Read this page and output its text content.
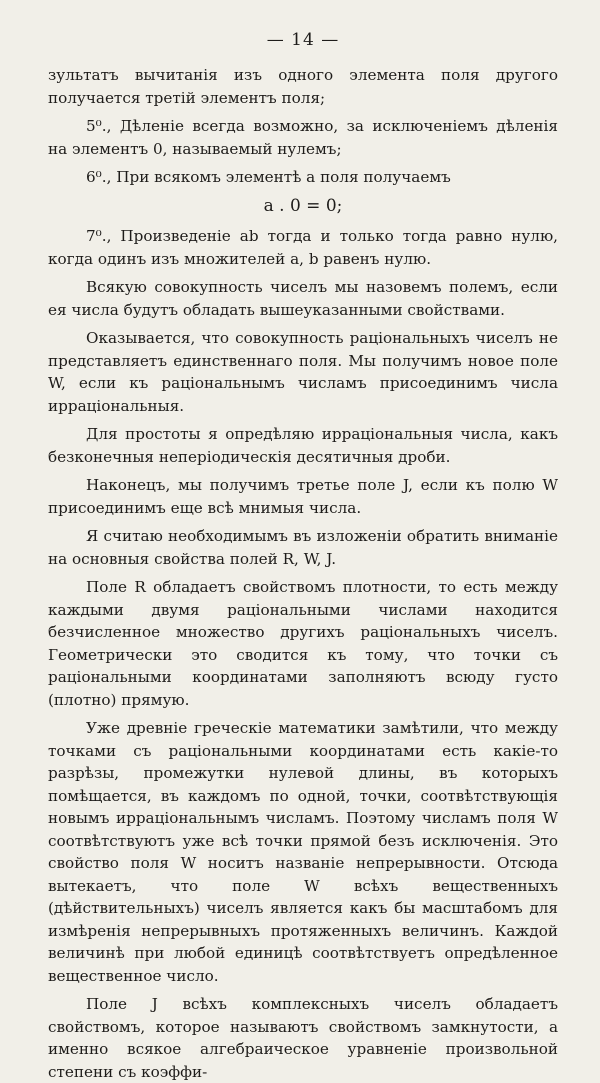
— 14 —

зультатъ вычитанія изъ одного элемента поля другого получается третій элементъ поля;

5⁰., Дѣленіе всегда возможно, за исключеніемъ дѣленія на элементъ 0, называемый нулемъ;

6⁰., При всякомъ элементѣ a поля получаемъ

a . 0 = 0;

7⁰., Произведеніе ab тогда и только тогда равно нулю, когда одинъ изъ множителей a, b равенъ нулю.

Всякую совокупность чиселъ мы назовемъ полемъ, если ея числа будутъ обладать вышеуказанными свойствами.

Оказывается, что совокупность раціональныхъ чиселъ не представляетъ единственнаго поля. Мы получимъ новое поле W, если къ раціональнымъ числамъ присоединимъ числа ирраціональныя.

Для простоты я опредѣляю ирраціональныя числа, какъ безконечныя непеpioдическія десятичныя дроби.

Наконецъ, мы получимъ третье поле J, если къ полю W присоединимъ еще всѣ мнимыя числа.

Я считаю необходимымъ въ изложеніи обратить вниманіе на основныя свойства полей R, W, J.

Поле R обладаетъ свойствомъ плотности, то есть между каждыми двумя раціональными числами находится безчисленное множество другихъ раціональныхъ чиселъ. Геометрически это сводится къ тому, что точки съ раціональными координатами заполняютъ всюду густо (плотно) прямую.

Уже древніе греческіе математики замѣтили, что между точками съ раціональными координатами есть какіе-то разрѣзы, промежутки нулевой длины, въ которыхъ помѣщается, въ каждомъ по одной, точки, соотвѣтствующія новымъ ирраціональнымъ числамъ. Поэтому числамъ поля W соотвѣтствуютъ уже всѣ точки прямой безъ исключенія. Это свойство поля W носитъ названіе непрерывности. Отсюда вытекаетъ, что поле W всѣхъ вещественныхъ (дѣйствительныхъ) чиселъ является какъ бы масштабомъ для измѣренія непрерывныхъ протяженныхъ величинъ. Каждой величинѣ при любой единицѣ соотвѣтствуетъ опредѣленное вещественное число.

Поле J всѣхъ комплексныхъ чиселъ обладаетъ свойствомъ, которое называютъ свойствомъ замкнутости, а именно всякое алгебраическое уравненіе произвольной степени съ коэффи-
